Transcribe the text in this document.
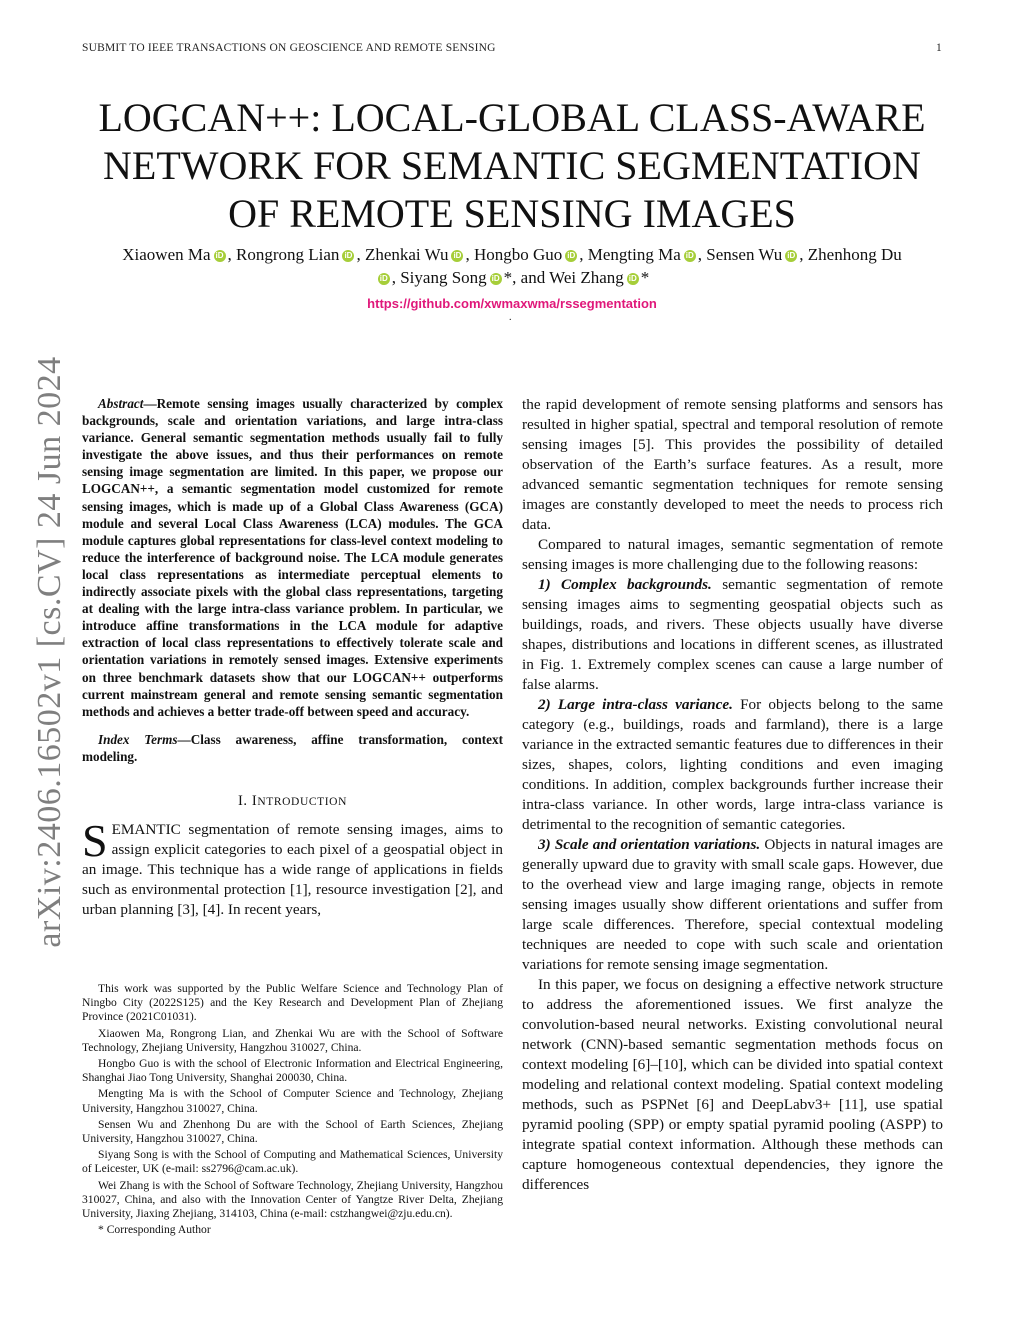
SUBMIT TO IEEE TRANSACTIONS ON GEOSCIENCE AND REMOTE SENSING	1
LOGCAN++: LOCAL-GLOBAL CLASS-AWARE
NETWORK FOR SEMANTIC SEGMENTATION
OF REMOTE SENSING IMAGES
Xiaowen Ma iD , Rongrong Lian iD , Zhenkai Wu iD , Hongbo Guo iD , Mengting Ma iD , Sensen Wu iD , Zhenhong Du
iD , Siyang Song iD *, and Wei Zhang iD *
https://github.com/xwmaxwma/rssegmentation
.
arXiv:2406.16502v1 [cs.CV] 24 Jun 2024	Abstract—Remote sensing images usually characterized by complex backgrounds, scale and orientation variations, and large intra-class variance. General semantic segmentation methods usually fail to fully investigate the above issues, and thus their performances on remote sensing image segmentation are limited. In this paper, we propose our LOGCAN++, a semantic segmentation model customized for remote sensing images, which is made up of a Global Class Awareness (GCA) module and several Local Class Awareness (LCA) modules. The GCA module captures global representations for class-level context modeling to reduce the interference of background noise. The LCA module generates local class representations as intermediate perceptual elements to indirectly associate pixels with the global class representations, targeting at dealing with the large intra-class variance problem. In particular, we introduce affine transformations in the LCA module for adaptive extraction of local class representations to effectively tolerate scale and orientation variations in remotely sensed images. Extensive experiments on three benchmark datasets show that our LOGCAN++ outperforms current mainstream general and remote sensing semantic segmentation methods and achieves a better trade-off between speed and accuracy.

Index Terms—Class awareness, affine transformation, context modeling.

I. INTRODUCTION

SEMANTIC segmentation of remote sensing images, aims to assign explicit categories to each pixel of a geospatial object in an image. This technique has a wide range of applications in fields such as environmental protection [1], resource investigation [2], and urban planning [3], [4]. In recent years,

This work was supported by the Public Welfare Science and Technology Plan of Ningbo City (2022S125) and the Key Research and Development Plan of Zhejiang Province (2021C01031).

Xiaowen Ma, Rongrong Lian, and Zhenkai Wu are with the School of Software Technology, Zhejiang University, Hangzhou 310027, China.

Hongbo Guo is with the school of Electronic Information and Electrical Engineering, Shanghai Jiao Tong University, Shanghai 200030, China.

Mengting Ma is with the School of Computer Science and Technology, Zhejiang University, Hangzhou 310027, China.

Sensen Wu and Zhenhong Du are with the School of Earth Sciences, Zhejiang University, Hangzhou 310027, China.

Siyang Song is with the School of Computing and Mathematical Sciences, University of Leicester, UK (e-mail: ss2796@cam.ac.uk).

Wei Zhang is with the School of Software Technology, Zhejiang University, Hangzhou 310027, China, and also with the Innovation Center of Yangtze River Delta, Zhejiang University, Jiaxing Zhejiang, 314103, China (e-mail: cstzhangwei@zju.edu.cn).

* Corresponding Author

the rapid development of remote sensing platforms and sensors has resulted in higher spatial, spectral and temporal resolution of remote sensing images [5]. This provides the possibility of detailed observation of the Earth’s surface features. As a result, more advanced semantic segmentation techniques for remote sensing images are constantly developed to meet the needs to process rich data.

Compared to natural images, semantic segmentation of remote sensing images is more challenging due to the following reasons:

1) Complex backgrounds. semantic segmentation of remote sensing images aims to segmenting geospatial objects such as buildings, roads, and rivers. These objects usually have diverse shapes, distributions and locations in different scenes, as illustrated in Fig. 1. Extremely complex scenes can cause a large number of false alarms.

2) Large intra-class variance. For objects belong to the same category (e.g., buildings, roads and farmland), there is a large variance in the extracted semantic features due to differences in their sizes, shapes, colors, lighting conditions and even imaging conditions. In addition, complex backgrounds further increase their intra-class variance. In other words, large intra-class variance is detrimental to the recognition of semantic categories.

3) Scale and orientation variations. Objects in natural images are generally upward due to gravity with small scale gaps. However, due to the overhead view and large imaging range, objects in remote sensing images usually show different orientations and suffer from large scale differences. Therefore, special contextual modeling techniques are needed to cope with such scale and orientation variations for remote sensing image segmentation.

In this paper, we focus on designing a effective network structure to address the aforementioned issues. We first analyze the convolution-based neural networks. Existing convolutional neural network (CNN)-based semantic segmentation methods focus on context modeling [6]–[10], which can be divided into spatial context modeling and relational context modeling. Spatial context modeling methods, such as PSPNet [6] and DeepLabv3+ [11], use spatial pyramid pooling (SPP) or empty spatial pyramid pooling (ASPP) to integrate spatial context information. Although these methods can capture homogeneous contextual dependencies, they ignore the differences
